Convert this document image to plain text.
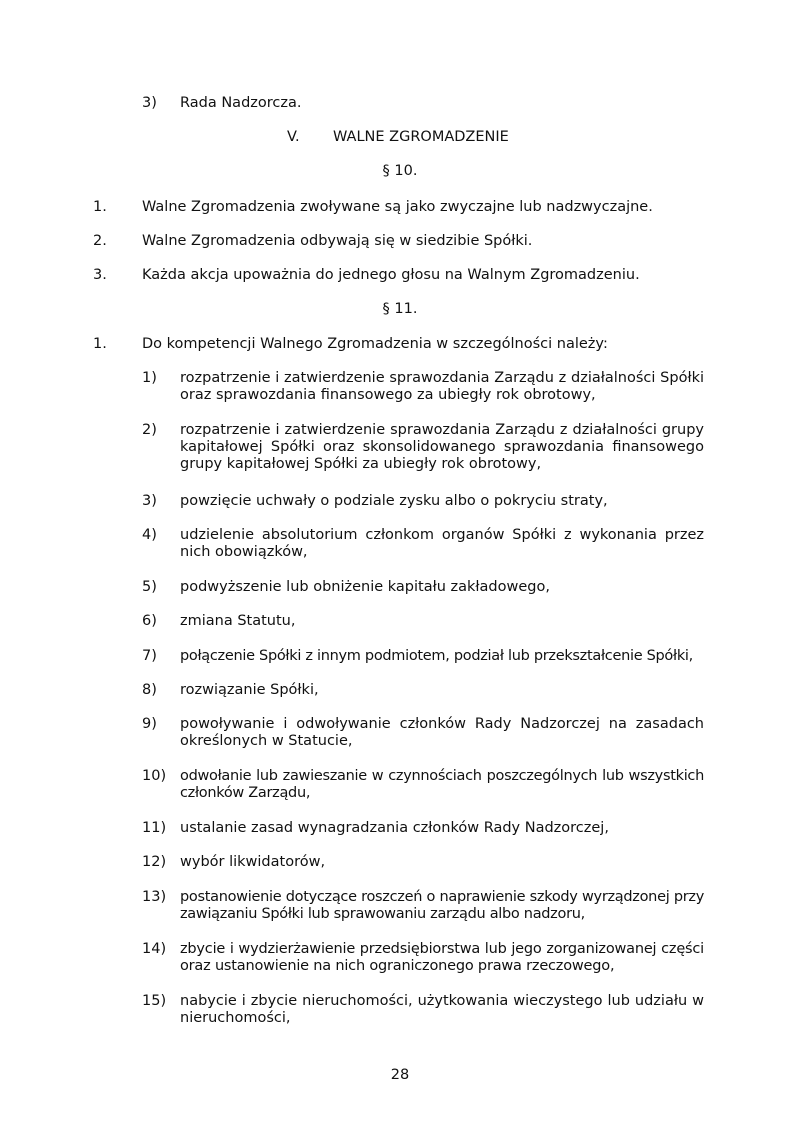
3) Rada Nadzorcza.
V. WALNE ZGROMADZENIE
§ 10.
1. Walne Zgromadzenia zwoływane są jako zwyczajne lub nadzwyczajne.
2. Walne Zgromadzenia odbywają się w siedzibie Spółki.
3. Każda akcja upoważnia do jednego głosu na Walnym Zgromadzeniu.
§ 11.
1. Do kompetencji Walnego Zgromadzenia w szczególności należy:
1) rozpatrzenie i zatwierdzenie sprawozdania Zarządu z działalności Spółki oraz sprawozdania finansowego za ubiegły rok obrotowy,
2) rozpatrzenie i zatwierdzenie sprawozdania Zarządu z działalności grupy kapitałowej Spółki oraz skonsolidowanego sprawozdania finansowego grupy kapitałowej Spółki za ubiegły rok obrotowy,
3) powzięcie uchwały o podziale zysku albo o pokryciu straty,
4) udzielenie absolutorium członkom organów Spółki z wykonania przez nich obowiązków,
5) podwyższenie lub obniżenie kapitału zakładowego,
6) zmiana Statutu,
7) połączenie Spółki z innym podmiotem, podział lub przekształcenie Spółki,
8) rozwiązanie Spółki,
9) powoływanie i odwoływanie członków Rady Nadzorczej na zasadach określonych w Statucie,
10) odwołanie lub zawieszanie w czynnościach poszczególnych lub wszystkich członków Zarządu,
11) ustalanie zasad wynagradzania członków Rady Nadzorczej,
12) wybór likwidatorów,
13) postanowienie dotyczące roszczeń o naprawienie szkody wyrządzonej przy zawiązaniu Spółki lub sprawowaniu zarządu albo nadzoru,
14) zbycie i wydzierżawienie przedsiębiorstwa lub jego zorganizowanej części oraz ustanowienie na nich ograniczonego prawa rzeczowego,
15) nabycie i zbycie nieruchomości, użytkowania wieczystego lub udziału w nieruchomości,
28
